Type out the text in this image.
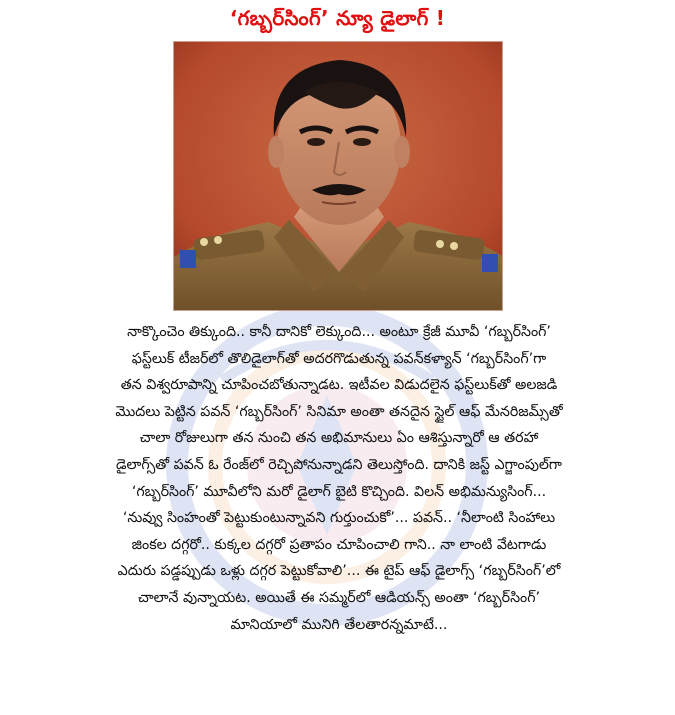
‘గబ్బర్‌సింగ్’ న్యూ డైలాగ్ !
నాక్కొంచెం తిక్కుంది.. కానీ దానికో లెక్కుంది... అంటూ క్రేజీ మూవీ ‘గబ్బర్‌సింగ్’
ఫస్ట్‌లుక్ టీజర్‌లో తొలిడైలాగ్‌తో అదరగొడుతున్న పవన్‌కళ్యాన్ ‘గబ్బర్‌సింగ్’గా
తన విశ్వరూపాన్ని చూపించబోతున్నాడట. ఇటీవల విడుదలైన ఫస్ట్‌లుక్‌తో అలజడి
మొదలు పెట్టిన పవన్ ‘గబ్బర్‌సింగ్’ సినిమా అంతా తనదైన స్టైల్ ఆఫ్ మేనరిజమ్స్‌తో
చాలా రోజులుగా తన నుంచి తన అభిమానులు ఏం ఆశిస్తున్నారో ఆ తరహా
డైలాగ్స్‌తో పవన్ ఓ రేంజ్‌లో రెచ్చిపోనున్నాడని తెలుస్తోంది. దానికి జస్ట్ ఎగ్జాంపుల్‌గా
‘గబ్బర్‌సింగ్’ మూవీలోని మరో డైలాగ్ బైటి కొచ్చింది. విలన్ అభిమన్యుసింగ్...
‘నువ్వు సింహంతో పెట్టుకుంటున్నావని గుర్తుంచుకో’... పవన్.. ‘నీలాంటి సింహాలు
జింకల దగ్గరో.. కుక్కల దగ్గరో ప్రతాపం చూపించాలి గాని.. నా లాంటి వేటగాడు
ఎదురు పడ్డప్పుడు ఒళ్లు దగ్గర పెట్టుకోవాలి’... ఈ టైప్ ఆఫ్ డైలాగ్స్ ‘గబ్బర్‌సింగ్’లో
చాలానే వున్నాయట. అయితే ఈ సమ్మర్‌లో ఆడియన్స్ అంతా ‘గబ్బర్‌సింగ్’
మానియాలో మునిగి తేలతారన్నమాటే...
